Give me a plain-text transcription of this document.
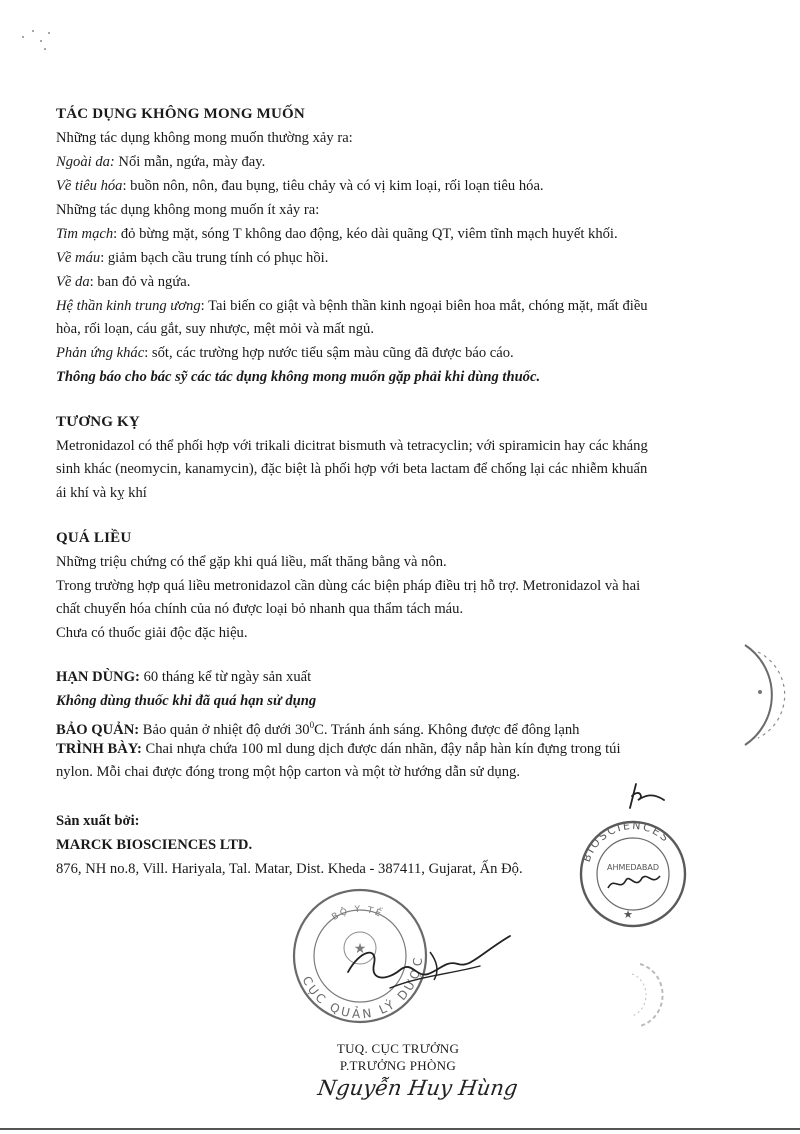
TÁC DỤNG KHÔNG MONG MUỐN
Những tác dụng không mong muốn thường xảy ra:
Ngoài da: Nổi mẫn, ngứa, mày đay.
Về tiêu hóa: buồn nôn, nôn, đau bụng, tiêu chảy và có vị kim loại, rối loạn tiêu hóa.
Những tác dụng không mong muốn ít xảy ra:
Tim mạch: đỏ bừng mặt, sóng T không dao động, kéo dài quãng QT, viêm tĩnh mạch huyết khối.
Về máu: giảm bạch cầu trung tính có phục hồi.
Về da: ban đỏ và ngứa.
Hệ thần kinh trung ương: Tai biến co giật và bệnh thần kinh ngoại biên hoa mắt, chóng mặt, mất điều
hòa, rối loạn, cáu gắt, suy nhược, mệt mỏi và mất ngủ.
Phản ứng khác: sốt, các trường hợp nước tiểu sậm màu cũng đã được báo cáo.
Thông báo cho bác sỹ các tác dụng không mong muốn gặp phải khi dùng thuốc.
TƯƠNG KỴ
Metronidazol có thể phối hợp với trikali dicitrat bismuth và tetracyclin; với spiramicin hay các kháng
sinh khác (neomycin, kanamycin), đặc biệt là phối hợp với beta lactam để chống lại các nhiễm khuẩn
ái khí và kỵ khí
QUÁ LIỀU
Những triệu chứng có thể gặp khi quá liều, mất thăng bằng và nôn.
Trong trường hợp quá liều metronidazol cần dùng các biện pháp điều trị hỗ trợ. Metronidazol và hai
chất chuyển hóa chính của nó được loại bỏ nhanh qua thẩm tách máu.
Chưa có thuốc giải độc đặc hiệu.
HẠN DÙNG: 60 tháng kể từ ngày sản xuất
Không dùng thuốc khi đã quá hạn sử dụng
BẢO QUẢN: Bảo quản ở nhiệt độ dưới $30^0C$. Tránh ánh sáng. Không được để đông lạnh
TRÌNH BÀY: Chai nhựa chứa 100 ml dung dịch được dán nhãn, đậy nắp hàn kín đựng trong túi
nylon. Mỗi chai được đóng trong một hộp carton và một tờ hướng dẫn sử dụng.
Sản xuất bởi:
MARCK BIOSCIENCES LTD.
876, NH no.8, Vill. Hariyala, Tal. Matar, Dist. Kheda - 387411, Gujarat, Ấn Độ.
BIOSCIENCES
AHMEDABAD
★
CỤC QUẢN LÝ DƯỢC
BỘ Y TẾ
★
TUQ. CỤC TRƯỞNG
P.TRƯỞNG PHÒNG
Nguyễn Huy Hùng
